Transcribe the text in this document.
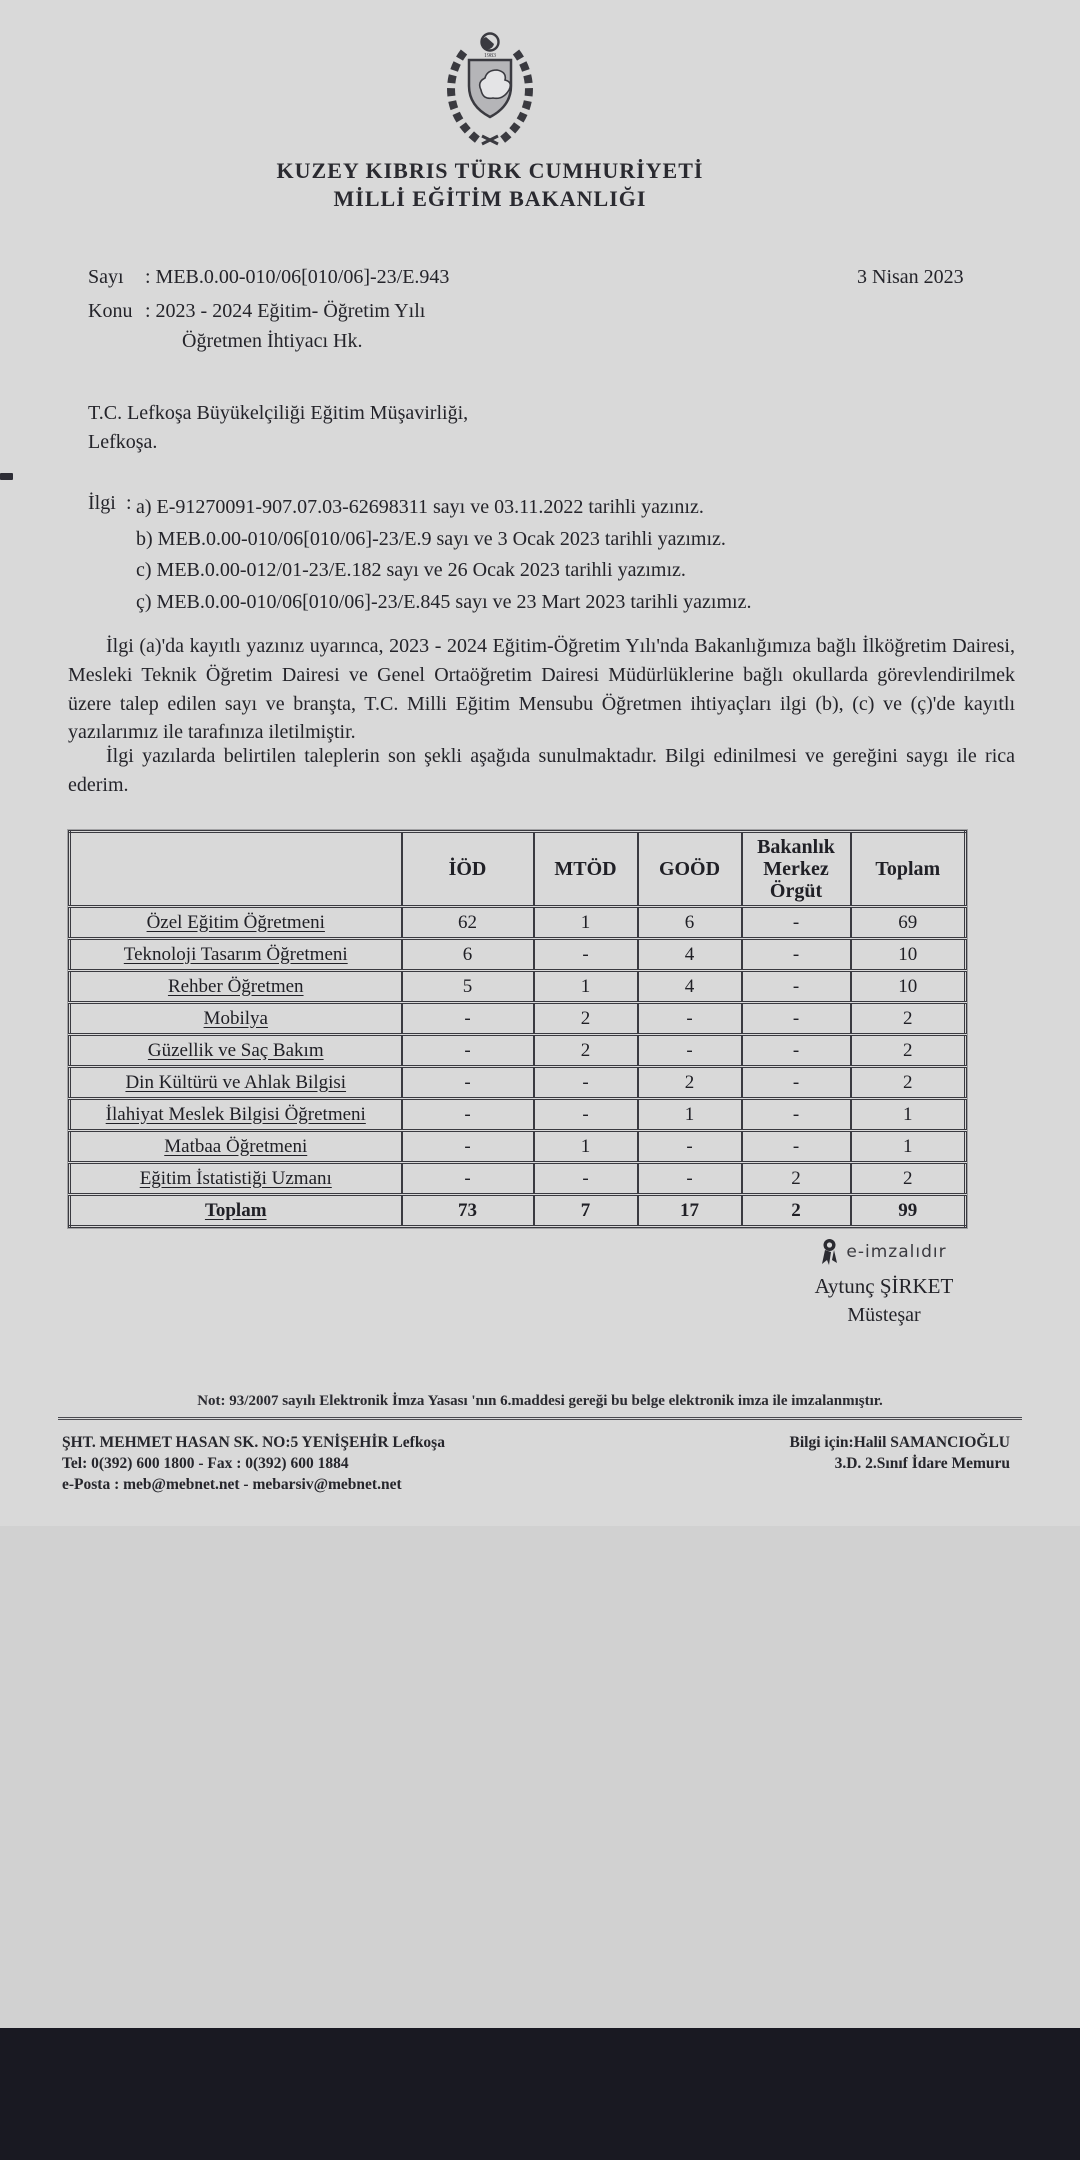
1983
KUZEY KIBRIS TÜRK CUMHURİYETİ
MİLLİ EĞİTİM BAKANLIĞI
Sayı : MEB.0.00-010/06[010/06]-23/E.943	3 Nisan 2023
Konu : 2023 - 2024 Eğitim- Öğretim Yılı
Öğretmen İhtiyacı Hk.
T.C. Lefkoşa Büyükelçiliği Eğitim Müşavirliği,
Lefkoşa.
İlgi : a) E-91270091-907.07.03-62698311 sayı ve 03.11.2022 tarihli yazınız.
b) MEB.0.00-010/06[010/06]-23/E.9 sayı ve 3 Ocak 2023 tarihli yazımız.
c) MEB.0.00-012/01-23/E.182 sayı ve 26 Ocak 2023 tarihli yazımız.
ç) MEB.0.00-010/06[010/06]-23/E.845 sayı ve 23 Mart 2023 tarihli yazımız.
İlgi (a)'da kayıtlı yazınız uyarınca, 2023 - 2024 Eğitim-Öğretim Yılı'nda Bakanlığımıza bağlı İlköğretim Dairesi, Mesleki Teknik Öğretim Dairesi ve Genel Ortaöğretim Dairesi Müdürlüklerine bağlı okullarda görevlendirilmek üzere talep edilen sayı ve branşta, T.C. Milli Eğitim Mensubu Öğretmen ihtiyaçları ilgi (b), (c) ve (ç)'de kayıtlı yazılarımız ile tarafınıza iletilmiştir.
İlgi yazılarda belirtilen taleplerin son şekli aşağıda sunulmaktadır. Bilgi edinilmesi ve gereğini saygı ile rica ederim.
	İÖD	MTÖD	GOÖD	Bakanlık Merkez Örgüt	Toplam
Özel Eğitim Öğretmeni	62	1	6	-	69
Teknoloji Tasarım Öğretmeni	6	-	4	-	10
Rehber Öğretmen	5	1	4	-	10
Mobilya	-	2	-	-	2
Güzellik ve Saç Bakım	-	2	-	-	2
Din Kültürü ve Ahlak Bilgisi	-	-	2	-	2
İlahiyat Meslek Bilgisi Öğretmeni	-	-	1	-	1
Matbaa Öğretmeni	-	1	-	-	1
Eğitim İstatistiği Uzmanı	-	-	-	2	2
Toplam	73	7	17	2	99
e-imzalıdır
Aytunç ŞİRKET
Müsteşar
Not: 93/2007 sayılı Elektronik İmza Yasası 'nın 6.maddesi gereği bu belge elektronik imza ile imzalanmıştır.
ŞHT. MEHMET HASAN SK. NO:5 YENİŞEHİR Lefkoşa
Tel: 0(392) 600 1800 - Fax : 0(392) 600 1884
e-Posta : meb@mebnet.net - mebarsiv@mebnet.net
Bilgi için:Halil SAMANCIOĞLU
3.D. 2.Sınıf İdare Memuru
